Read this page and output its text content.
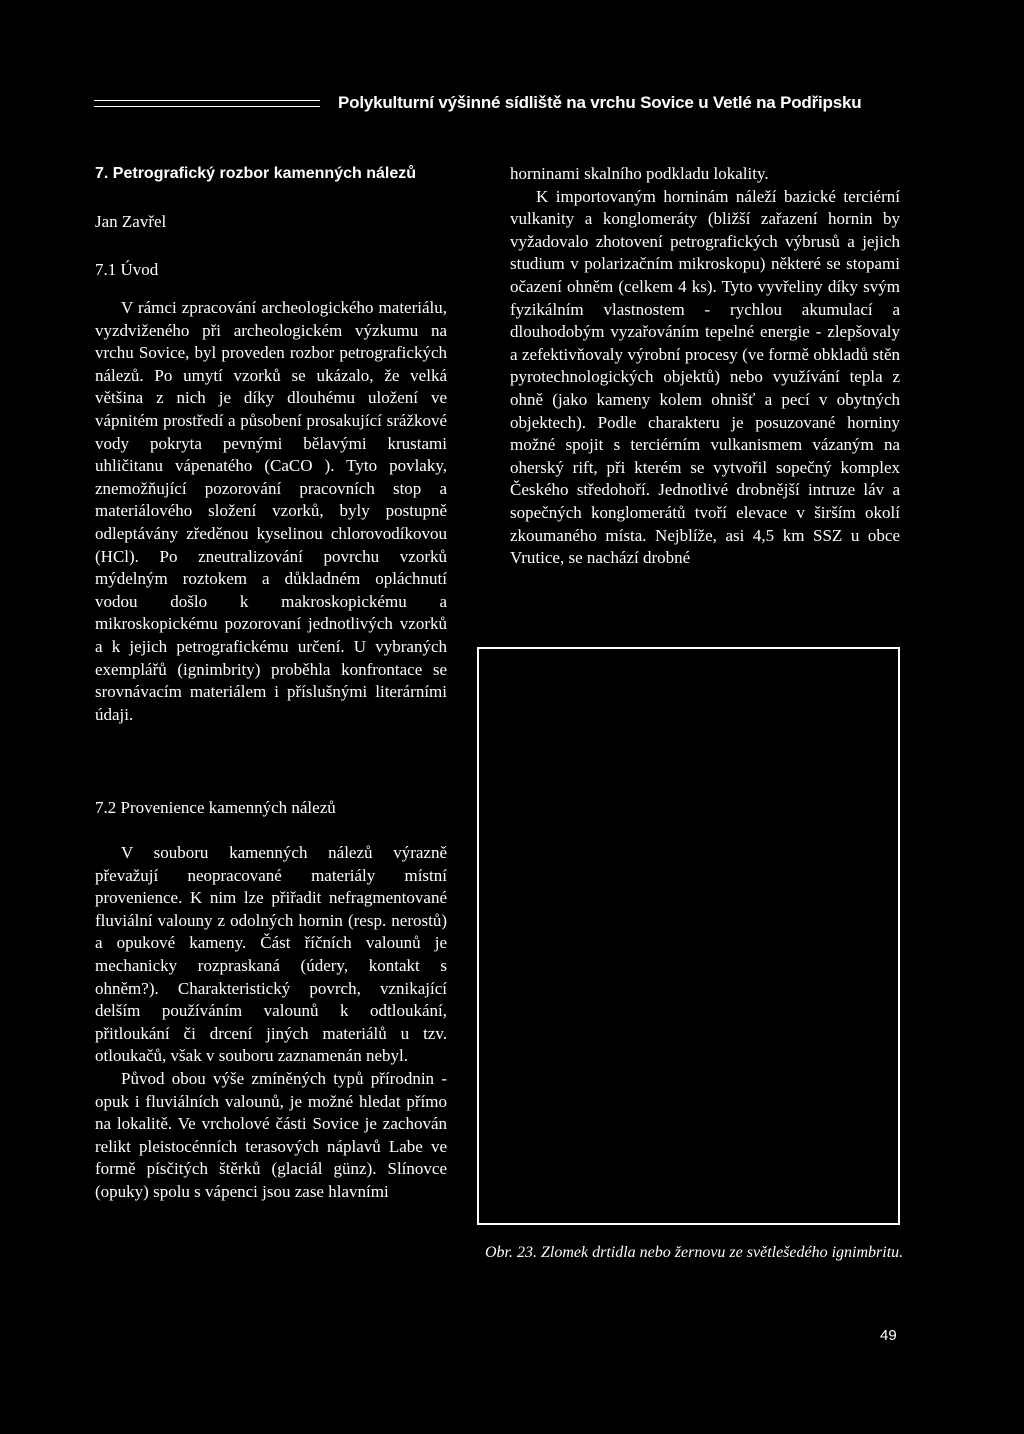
Polykulturní výšinné sídliště na vrchu Sovice u Vetlé na Podřipsku
7. Petrografický rozbor kamenných nálezů
Jan Zavřel
7.1 Úvod

V rámci zpracování archeologického materiálu, vyzdviženého při archeologickém výzkumu na vrchu Sovice, byl proveden rozbor petrografických nálezů. Po umytí vzorků se ukázalo, že velká většina z nich je díky dlouhému uložení ve vápnitém prostředí a působení prosakující srážkové vody pokryta pevnými bělavými krustami uhličitanu vápenatého (CaCO ). Tyto povlaky, znemožňující pozorování pracovních stop a materiálového složení vzorků, byly postupně odleptávány zředěnou kyselinou chlorovodíkovou (HCl). Po zneutralizování povrchu vzorků mýdelným roztokem a důkladném opláchnutí vodou došlo k makroskopickému a mikroskopickému pozorovaní jednotlivých vzorků a k jejich petrografickému určení. U vybraných exemplářů (ignimbrity) proběhla konfrontace se srovnávacím materiálem i příslušnými literárními údaji.

7.2 Provenience kamenných nálezů

V souboru kamenných nálezů výrazně převažují neopracované materiály místní provenience. K nim lze přiřadit nefragmentované fluviální valouny z odolných hornin (resp. nerostů) a opukové kameny. Část říčních valounů je mechanicky rozpraskaná (údery, kontakt s ohněm?). Charakteristický povrch, vznikající delším používáním valounů k odtloukání, přitloukání či drcení jiných materiálů u tzv. otloukačů, však v souboru zaznamenán nebyl.

Původ obou výše zmíněných typů přírodnin - opuk i fluviálních valounů, je možné hledat přímo na lokalitě. Ve vrcholové části Sovice je zachován relikt pleistocénních terasových náplavů Labe ve formě písčitých štěrků (glaciál günz). Slínovce (opuky) spolu s vápenci jsou zase hlavními

horninami skalního podkladu lokality.

K importovaným horninám náleží bazické terciérní vulkanity a konglomeráty (bližší zařazení hornin by vyžadovalo zhotovení petrografických výbrusů a jejich studium v polarizačním mikroskopu) některé se stopami očazení ohněm (celkem 4 ks). Tyto vyvřeliny díky svým fyzikálním vlastnostem - rychlou akumulací a dlouhodobým vyzařováním tepelné energie - zlepšovaly a zefektivňovaly výrobní procesy (ve formě obkladů stěn pyrotechnologických objektů) nebo využívání tepla z ohně (jako kameny kolem ohnišť a pecí v obytných objektech). Podle charakteru je posuzované horniny možné spojit s terciérním vulkanismem vázaným na oherský rift, při kterém se vytvořil sopečný komplex Českého středohoří. Jednotlivé drobnější intruze láv a sopečných konglomerátů tvoří elevace v širším okolí zkoumaného místa. Nejblíže, asi 4,5 km SSZ u obce Vrutice, se nachází drobné

Obr. 23. Zlomek drtidla nebo žernovu ze světlešedého ignimbritu.
49
